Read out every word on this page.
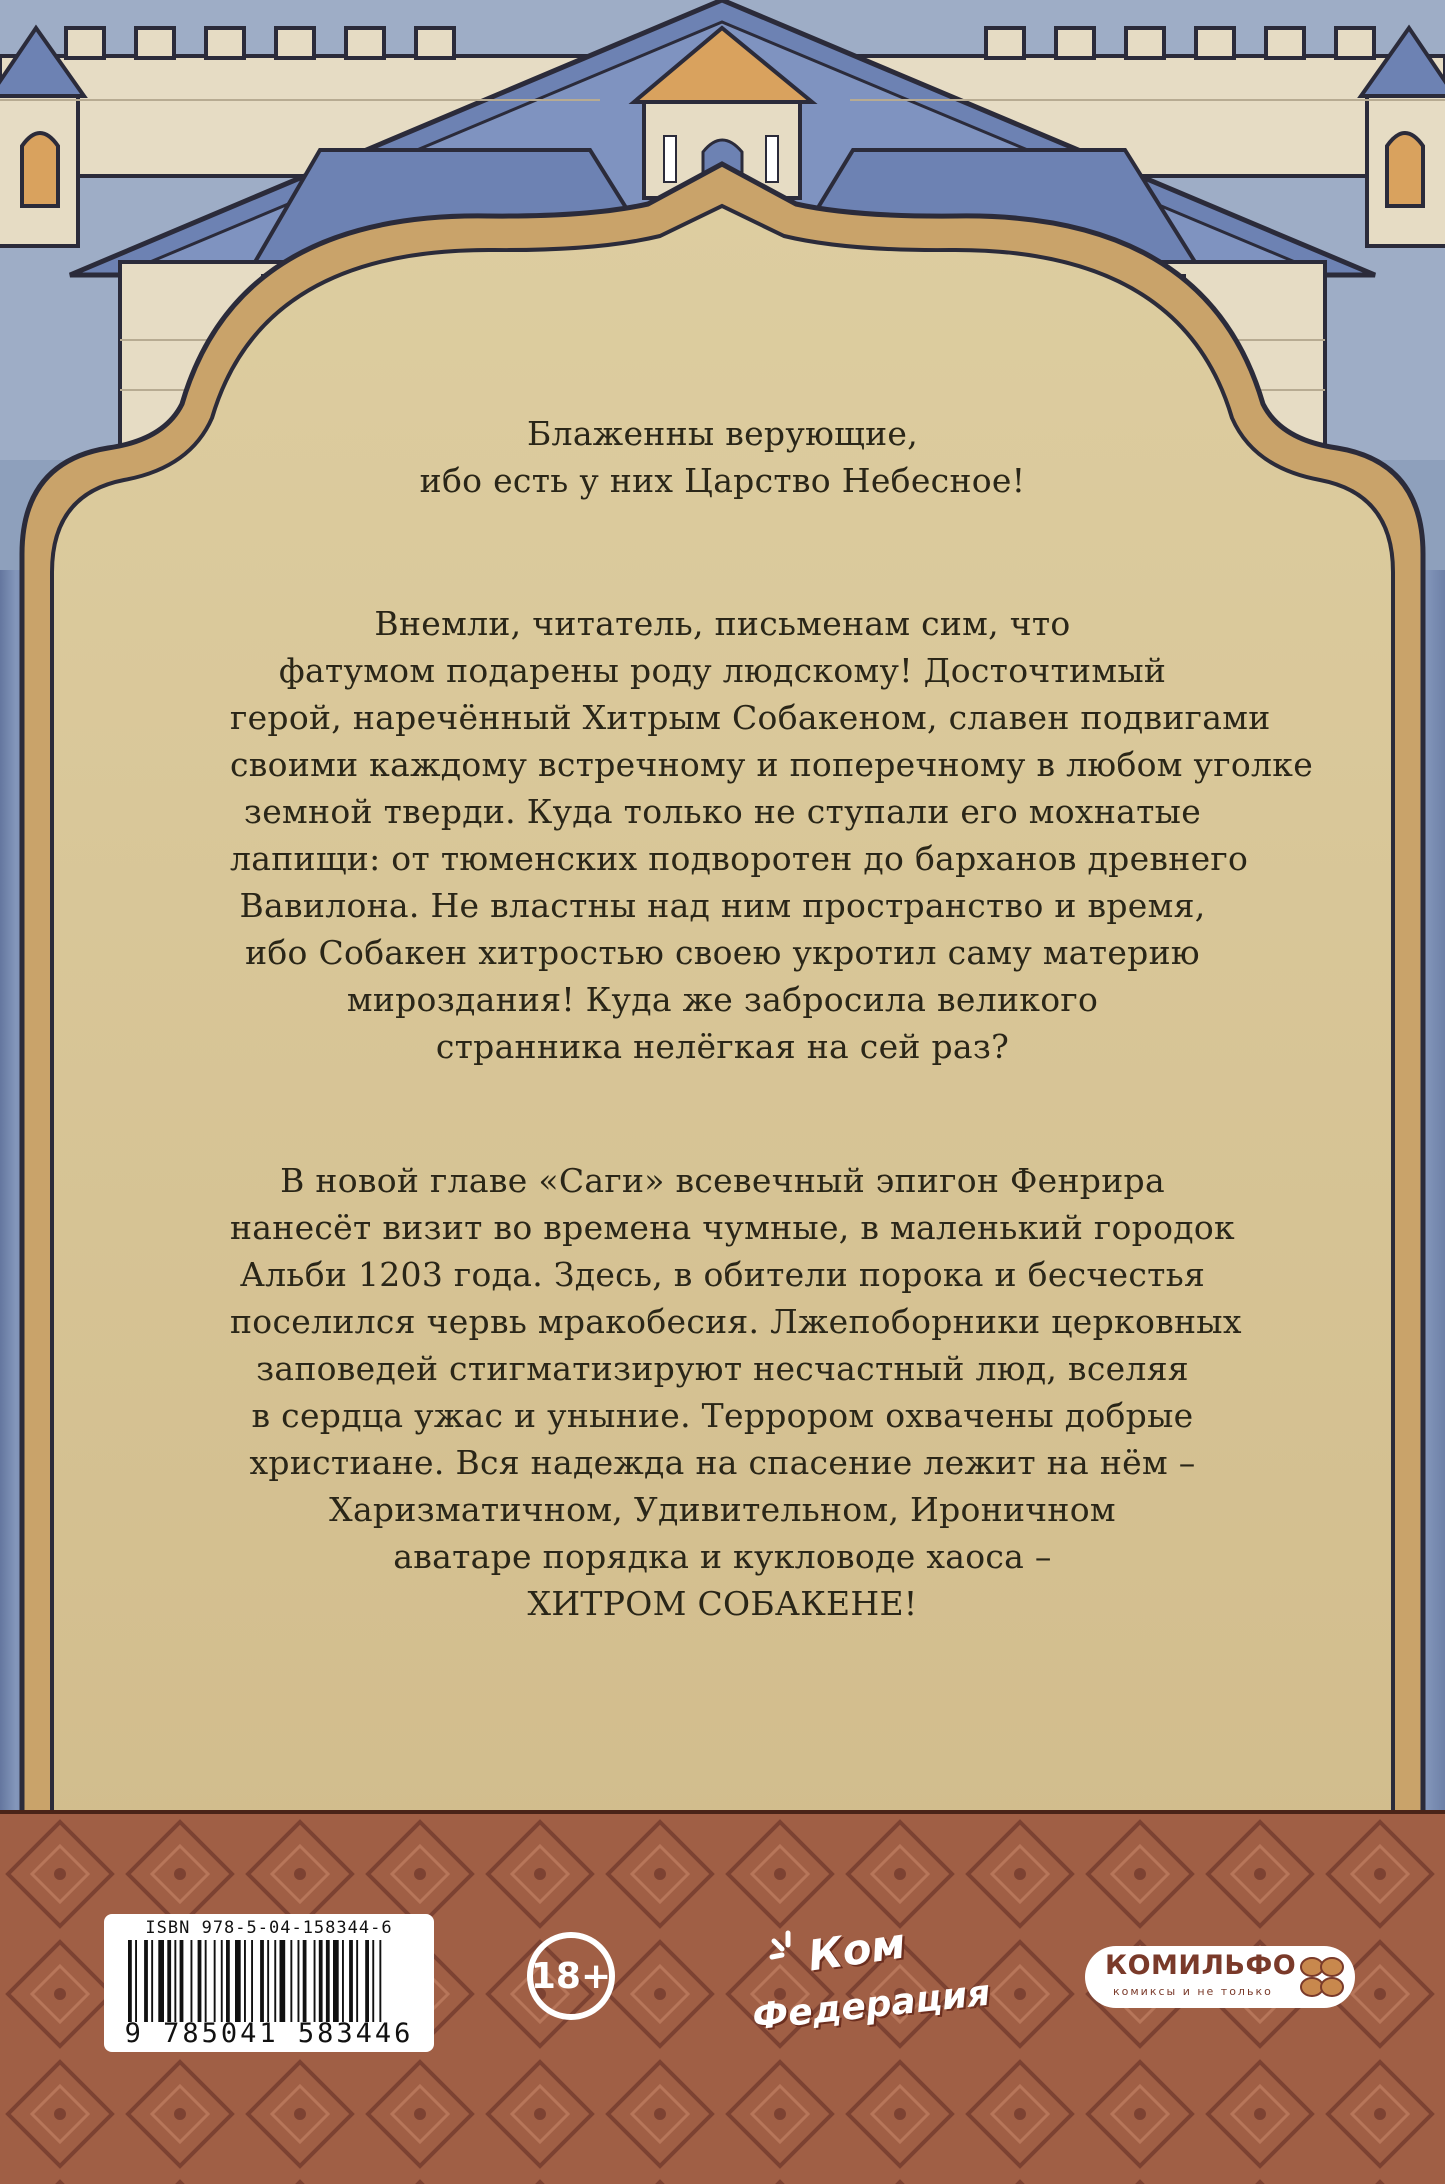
Блаженны верующие,
ибо есть у них Царство Небесное!
Внемли, читатель, письменам сим, что
фатумом подарены роду людскому! Досточтимый
герой, наречённый Хитрым Собакеном, славен подвигами
своими каждому встречному и поперечному в любом уголке
земной тверди. Куда только не ступали его мохнатые
лапищи: от тюменских подворотен до барханов древнего
Вавилона. Не властны над ним пространство и время,
ибо Собакен хитростью своею укротил саму материю
мироздания! Куда же забросила великого
странника нелёгкая на сей раз?
В новой главе «Саги» всевечный эпигон Фенрира
нанесёт визит во времена чумные, в маленький городок
Альби 1203 года. Здесь, в обители порока и бесчестья
поселился червь мракобесия. Лжепоборники церковных
заповедей стигматизируют несчастный люд, вселяя
в сердца ужас и уныние. Террором охвачены добрые
христиане. Вся надежда на спасение лежит на нём –
Харизматичном, Удивительном, Ироничном
аватаре порядка и кукловоде хаоса –
ХИТРОМ СОБАКЕНЕ!
ISBN 978-5-04-158344-6
9 785041 583446
18+	Ком
Федерация
КОМИЛЬФО
комиксы и не только
